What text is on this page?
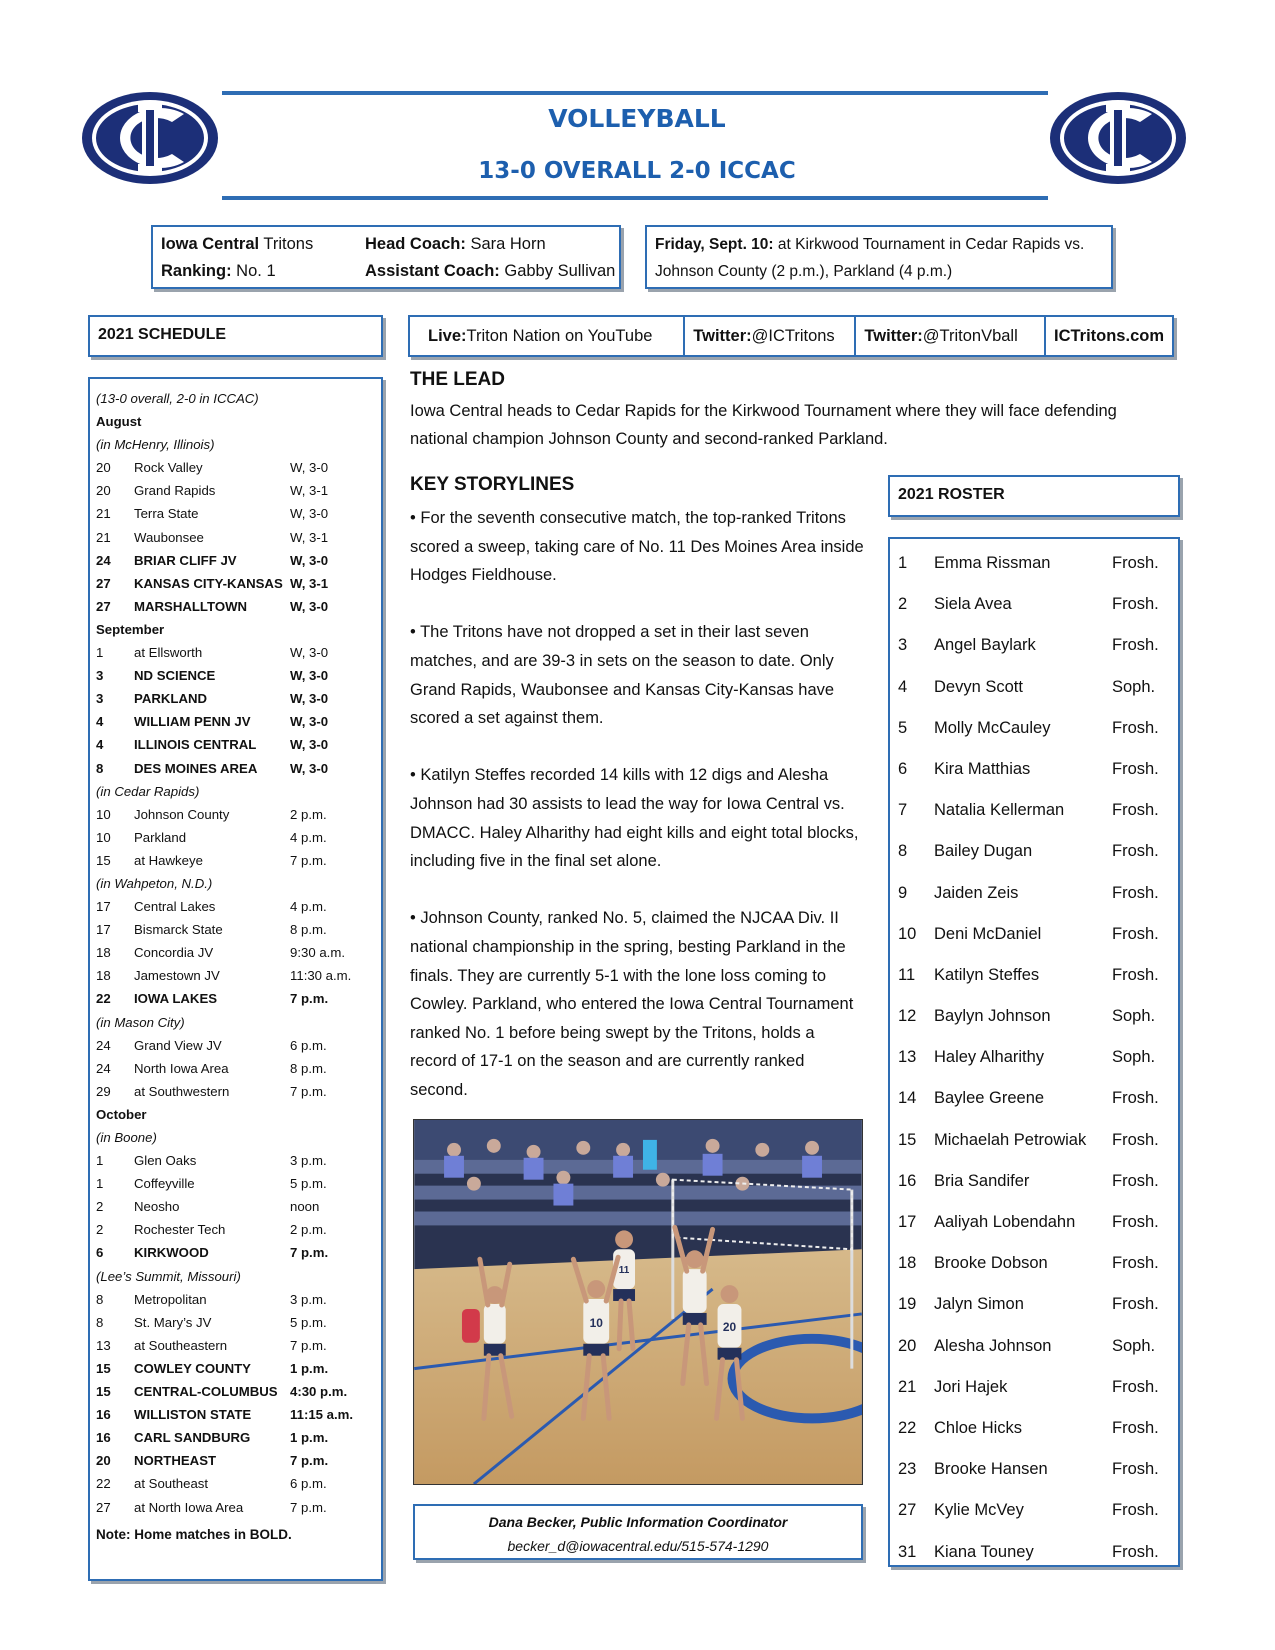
VOLLEYBALL
13-0 OVERALL 2-0 ICCAC
Iowa Central Tritons
Ranking: No. 1
Head Coach: Sara Horn
Assistant Coach: Gabby Sullivan
Friday, Sept. 10: at Kirkwood Tournament in Cedar Rapids vs.
Johnson County (2 p.m.), Parkland (4 p.m.)
2021 SCHEDULE	Live: Triton Nation on YouTube Twitter: @ICTritons Twitter: @TritonVball	ICTritons.com
(13-0 overall, 2-0 in ICCAC)
August
(in McHenry, Illinois)
20 Rock Valley	W, 3-0
20 Grand Rapids	W, 3-1
21 Terra State	W, 3-0
21 Waubonsee	W, 3-1
24 BRIAR CLIFF JV	W, 3-0
27 KANSAS CITY-KANSAS W, 3-1
27 MARSHALLTOWN	W, 3-0
September
1 at Ellsworth	W, 3-0
3 ND SCIENCE	W, 3-0
3 PARKLAND	W, 3-0
4 WILLIAM PENN JV	W, 3-0
4 ILLINOIS CENTRAL	W, 3-0
8 DES MOINES AREA W, 3-0
(in Cedar Rapids)
10 Johnson County	2 p.m.
10 Parkland	4 p.m.
15 at Hawkeye	7 p.m.
(in Wahpeton, N.D.)
17 Central Lakes	4 p.m.
17 Bismarck State	8 p.m.
18 Concordia JV	9:30 a.m.
18 Jamestown JV	11:30 a.m.
22 IOWA LAKES	7 p.m.
(in Mason City)
24 Grand View JV	6 p.m.
24 North Iowa Area	8 p.m.
29 at Southwestern	7 p.m.
October
(in Boone)
1 Glen Oaks	3 p.m.
1 Coffeyville	5 p.m.
2 Neosho	noon
2 Rochester Tech	2 p.m.
6 KIRKWOOD	7 p.m.
(Lee’s Summit, Missouri)
8 Metropolitan	3 p.m.
8 St. Mary’s JV	5 p.m.
13 at Southeastern	7 p.m.
15 COWLEY COUNTY	1 p.m.
15 CENTRAL-COLUMBUS 4:30 p.m.
16 WILLISTON STATE	11:15 a.m.
16 CARL SANDBURG	1 p.m.
20 NORTHEAST	7 p.m.
22 at Southeast	6 p.m.
27 at North Iowa Area	7 p.m.
Note: Home matches in BOLD.
THE LEAD
Iowa Central heads to Cedar Rapids for the Kirkwood Tournament where they will face defending national champion Johnson County and second-ranked Parkland.
KEY STORYLINES
• For the seventh consecutive match, the top-ranked Tritons scored a sweep, taking care of No. 11 Des Moines Area inside Hodges Fieldhouse.
• The Tritons have not dropped a set in their last seven matches, and are 39-3 in sets on the season to date. Only Grand Rapids, Waubonsee and Kansas City-Kansas have scored a set against them.
• Katilyn Steffes recorded 14 kills with 12 digs and Alesha Johnson had 30 assists to lead the way for Iowa Central vs. DMACC. Haley Alharithy had eight kills and eight total blocks, including five in the final set alone.
• Johnson County, ranked No. 5, claimed the NJCAA Div. II national championship in the spring, besting Parkland in the finals. They are currently 5-1 with the lone loss coming to Cowley. Parkland, who entered the Iowa Central Tournament ranked No. 1 before being swept by the Tritons, holds a record of 17-1 on the season and are currently ranked second.
10
11
20
Dana Becker, Public Information Coordinator
becker_d@iowacentral.edu/515-574-1290
2021 ROSTER
1 Emma Rissman	Frosh.
2 Siela Avea	Frosh.
3 Angel Baylark	Frosh.
4 Devyn Scott	Soph.
5 Molly McCauley	Frosh.
6 Kira Matthias	Frosh.
7 Natalia Kellerman	Frosh.
8 Bailey Dugan	Frosh.
9 Jaiden Zeis	Frosh.
10 Deni McDaniel	Frosh.
11 Katilyn Steffes	Frosh.
12 Baylyn Johnson	Soph.
13 Haley Alharithy	Soph.
14 Baylee Greene	Frosh.
15 Michaelah Petrowiak Frosh.
16 Bria Sandifer	Frosh.
17 Aaliyah Lobendahn Frosh.
18 Brooke Dobson	Frosh.
19 Jalyn Simon	Frosh.
20 Alesha Johnson	Soph.
21 Jori Hajek	Frosh.
22 Chloe Hicks	Frosh.
23 Brooke Hansen	Frosh.
27 Kylie McVey	Frosh.
31 Kiana Touney	Frosh.
